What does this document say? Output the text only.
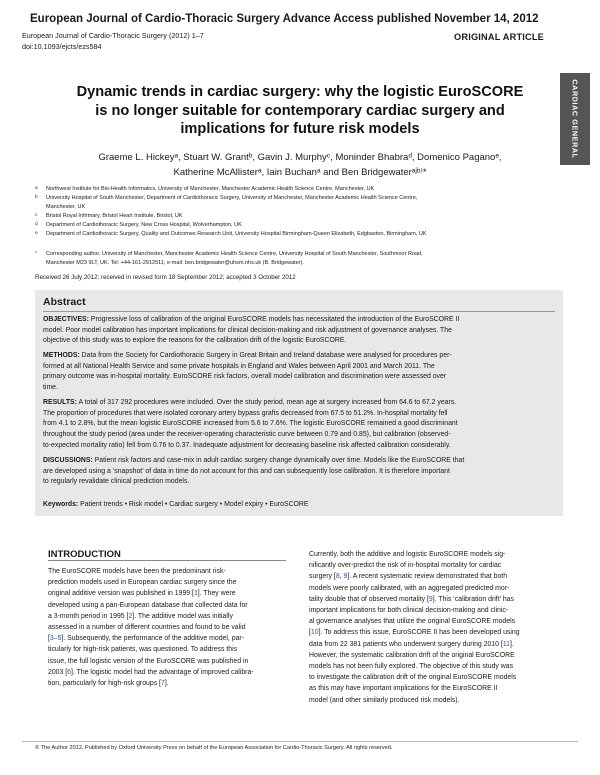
European Journal of Cardio-Thoracic Surgery Advance Access published November 14, 2012
European Journal of Cardio-Thoracic Surgery (2012) 1–7
doi:10.1093/ejcts/ezs584
ORIGINAL ARTICLE
CARDIAC GENERAL
Dynamic trends in cardiac surgery: why the logistic EuroSCORE
is no longer suitable for contemporary cardiac surgery and
implications for future risk models
Graeme L. Hickeyᵃ, Stuart W. Grantᵇ, Gavin J. Murphyᶜ, Moninder Bhabraᵈ, Domenico Paganoᵉ,
Katherine McAllisterᵃ, Iain Buchanᵃ and Ben Bridgewaterᵃʲᵇ⁾*
a Northwest Institute for Bio-Health Informatics, University of Manchester, Manchester Academic Health Science Centre, Manchester, UK
b University Hospital of South Manchester, Department of Cardiothoracic Surgery, University of Manchester, Manchester Academic Health Science Centre,
Manchester, UK
c Bristol Royal Infirmary, Bristol Heart Institute, Bristol, UK
d Department of Cardiothoracic Surgery, New Cross Hospital, Wolverhampton, UK
e Department of Cardiothoracic Surgery, Quality and Outcomes Research Unit, University Hospital Birmingham-Queen Elizabeth, Edgbaston, Birmingham, UK
* Corresponding author. University of Manchester, Manchester Academic Health Science Centre, University Hospital of South Manchester, Southmoor Road,
Manchester M23 9LT, UK. Tel: +44-161-2912511; e-mail: ben.bridgewater@uhsm.nhs.uk (B. Bridgewater).
Received 26 July 2012; received in revised form 18 September 2012; accepted 3 October 2012
Abstract
OBJECTIVES: Progressive loss of calibration of the original EuroSCORE models has necessitated the introduction of the EuroSCORE II
model. Poor model calibration has important implications for clinical decision-making and risk adjustment of governance analyses. The
objective of this study was to explore the reasons for the calibration drift of the logistic EuroSCORE.
METHODS: Data from the Society for Cardiothoracic Surgery in Great Britain and Ireland database were analysed for procedures per-
formed at all National Health Service and some private hospitals in England and Wales between April 2001 and March 2011. The
primary outcome was in-hospital mortality. EuroSCORE risk factors, overall model calibration and discrimination were assessed over
time.
RESULTS: A total of 317 292 procedures were included. Over the study period, mean age at surgery increased from 64.6 to 67.2 years.
The proportion of procedures that were isolated coronary artery bypass grafts decreased from 67.5 to 51.2%. In-hospital mortality fell
from 4.1 to 2.8%, but the mean logistic EuroSCORE increased from 5.6 to 7.6%. The logistic EuroSCORE remained a good discriminant
throughout the study period (area under the receiver-operating characteristic curve between 0.79 and 0.85), but calibration (observed-
to-expected mortality ratio) fell from 0.76 to 0.37. Inadequate adjustment for decreasing baseline risk affected calibration considerably.
DISCUSSIONS: Patient risk factors and case-mix in adult cardiac surgery change dynamically over time. Models like the EuroSCORE that
are developed using a ‘snapshot’ of data in time do not account for this and can subsequently lose calibration. It is therefore important
to regularly revalidate clinical prediction models.
Keywords: Patient trends • Risk model • Cardiac surgery • Model expiry • EuroSCORE
INTRODUCTION
The EuroSCORE models have been the predominant risk-
prediction models used in European cardiac surgery since the
original additive version was published in 1999 [1]. They were
developed using a pan-European database that collected data for
a 3-month period in 1995 [2]. The additive model was initially
assessed in a number of different countries and found to be valid
[3–5]. Subsequently, the performance of the additive model, par-
ticularly for high-risk patients, was questioned. To address this
issue, the full logistic version of the EuroSCORE was published in
2003 [6]. The logistic model had the advantage of improved calibra-
tion, particularly for high-risk groups [7].
Currently, both the additive and logistic EuroSCORE models sig-
nificantly over-predict the risk of in-hospital mortality for cardiac
surgery [8, 9]. A recent systematic review demonstrated that both
models were poorly calibrated, with an aggregated predicted mor-
tality double that of observed mortality [9]. This ‘calibration drift’ has
important implications for both clinical decision-making and clinic-
al governance analyses that utilize the original EuroSCORE models
[10]. To address this issue, EuroSCORE II has been developed using
data from 22 381 patients who underwent surgery during 2010 [11].
However, the systematic calibration drift of the original EuroSCORE
models has not been fully explored. The objective of this study was
to investigate the calibration drift of the original EuroSCORE models
as this may have important implications for the EuroSCORE II
model (and other similarly produced risk models).
© The Author 2012. Published by Oxford University Press on behalf of the European Association for Cardio-Thoracic Surgery. All rights reserved.
